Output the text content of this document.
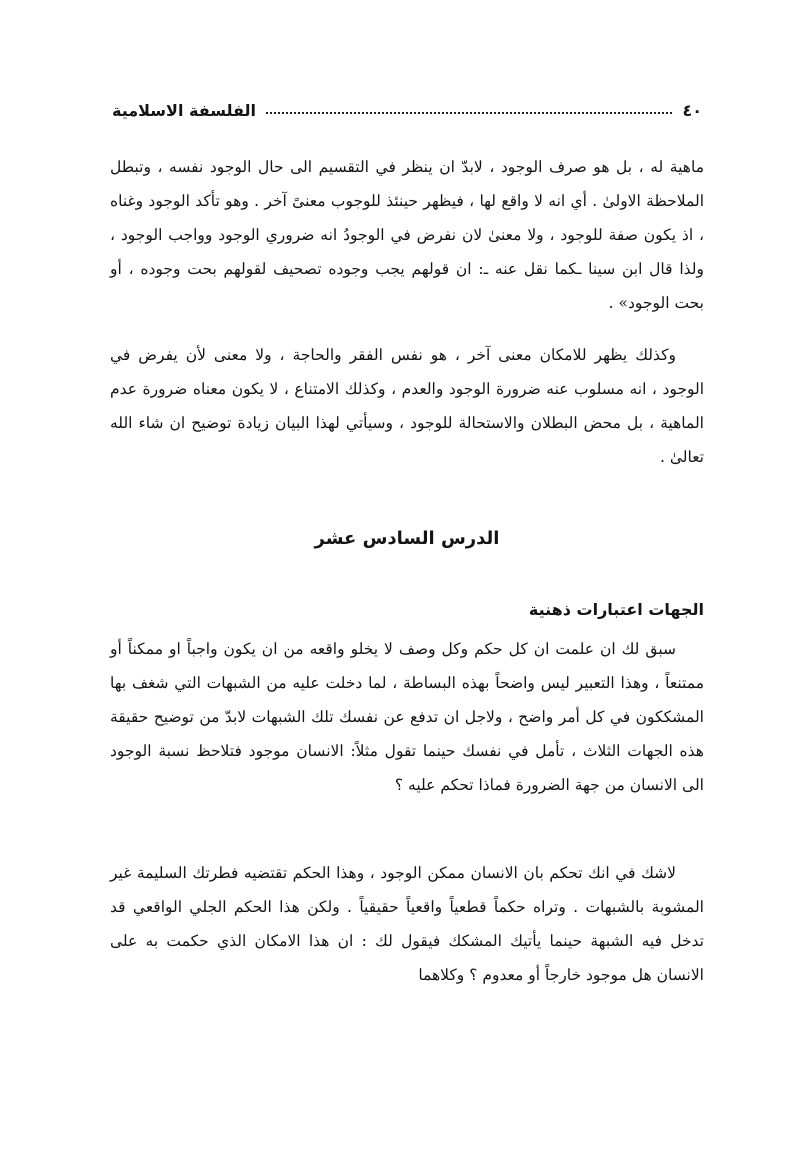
٤٠
الفلسفة الاسلامية

ماهية له ، بل هو صرف الوجود ، لابدّ ان ينظر في التقسيم الى حال الوجود نفسه ، وتبطل الملاحظة الاولىٰ . أي انه لا واقع لها ، فيظهر حينئذ للوجوب معنىً آخر . وهو تأكد الوجود وغناه ، اذ يكون صفة للوجود ، ولا معنىٰ لان نفرض في الوجودُ انه ضروري الوجود وواجب الوجود ، ولذا قال ابن سينا ـكما نقل عنه ـ: ان قولهم يجب وجوده تصحيف لقولهم بحت وجوده ، أو بحت الوجود» .

وكذلك يظهر للامكان معنى آخر ، هو نفس الفقر والحاجة ، ولا معنى لأن يفرض في الوجود ، انه مسلوب عنه ضرورة الوجود والعدم ، وكذلك الامتناع ، لا يكون معناه ضرورة عدم الماهية ، بل محض البطلان والاستحالة للوجود ، وسيأتي لهذا البيان زيادة توضيح ان شاء الله تعالىٰ .

الدرس السادس عشر
الجهات اعتبارات ذهنية

سبق لك ان علمت ان كل حكم وكل وصف لا يخلو واقعه من ان يكون واجباً او ممكناً أو ممتنعاً ، وهذا التعبير ليس واضحاً بهذه البساطة ، لما دخلت عليه من الشبهات التي شغف بها المشككون في كل أمر واضح ، ولاجل ان تدفع عن نفسك تلك الشبهات لابدّ من توضيح حقيقة هذه الجهات الثلاث ، تأمل في نفسك حينما تقول مثلاً: الانسان موجود فتلاحظ نسبة الوجود الى الانسان من جهة الضرورة فماذا تحكم عليه ؟

لاشك في انك تحكم بان الانسان ممكن الوجود ، وهذا الحكم تقتضيه فطرتك السليمة غير المشوبة بالشبهات . وتراه حكماً قطعياً واقعياً حقيقياً . ولكن هذا الحكم الجلي الواقعي قد تدخل فيه الشبهة حينما يأتيك المشكك فيقول لك : ان هذا الامكان الذي حكمت به على الانسان هل موجود خارجاً أو معدوم ؟ وكلاهما
